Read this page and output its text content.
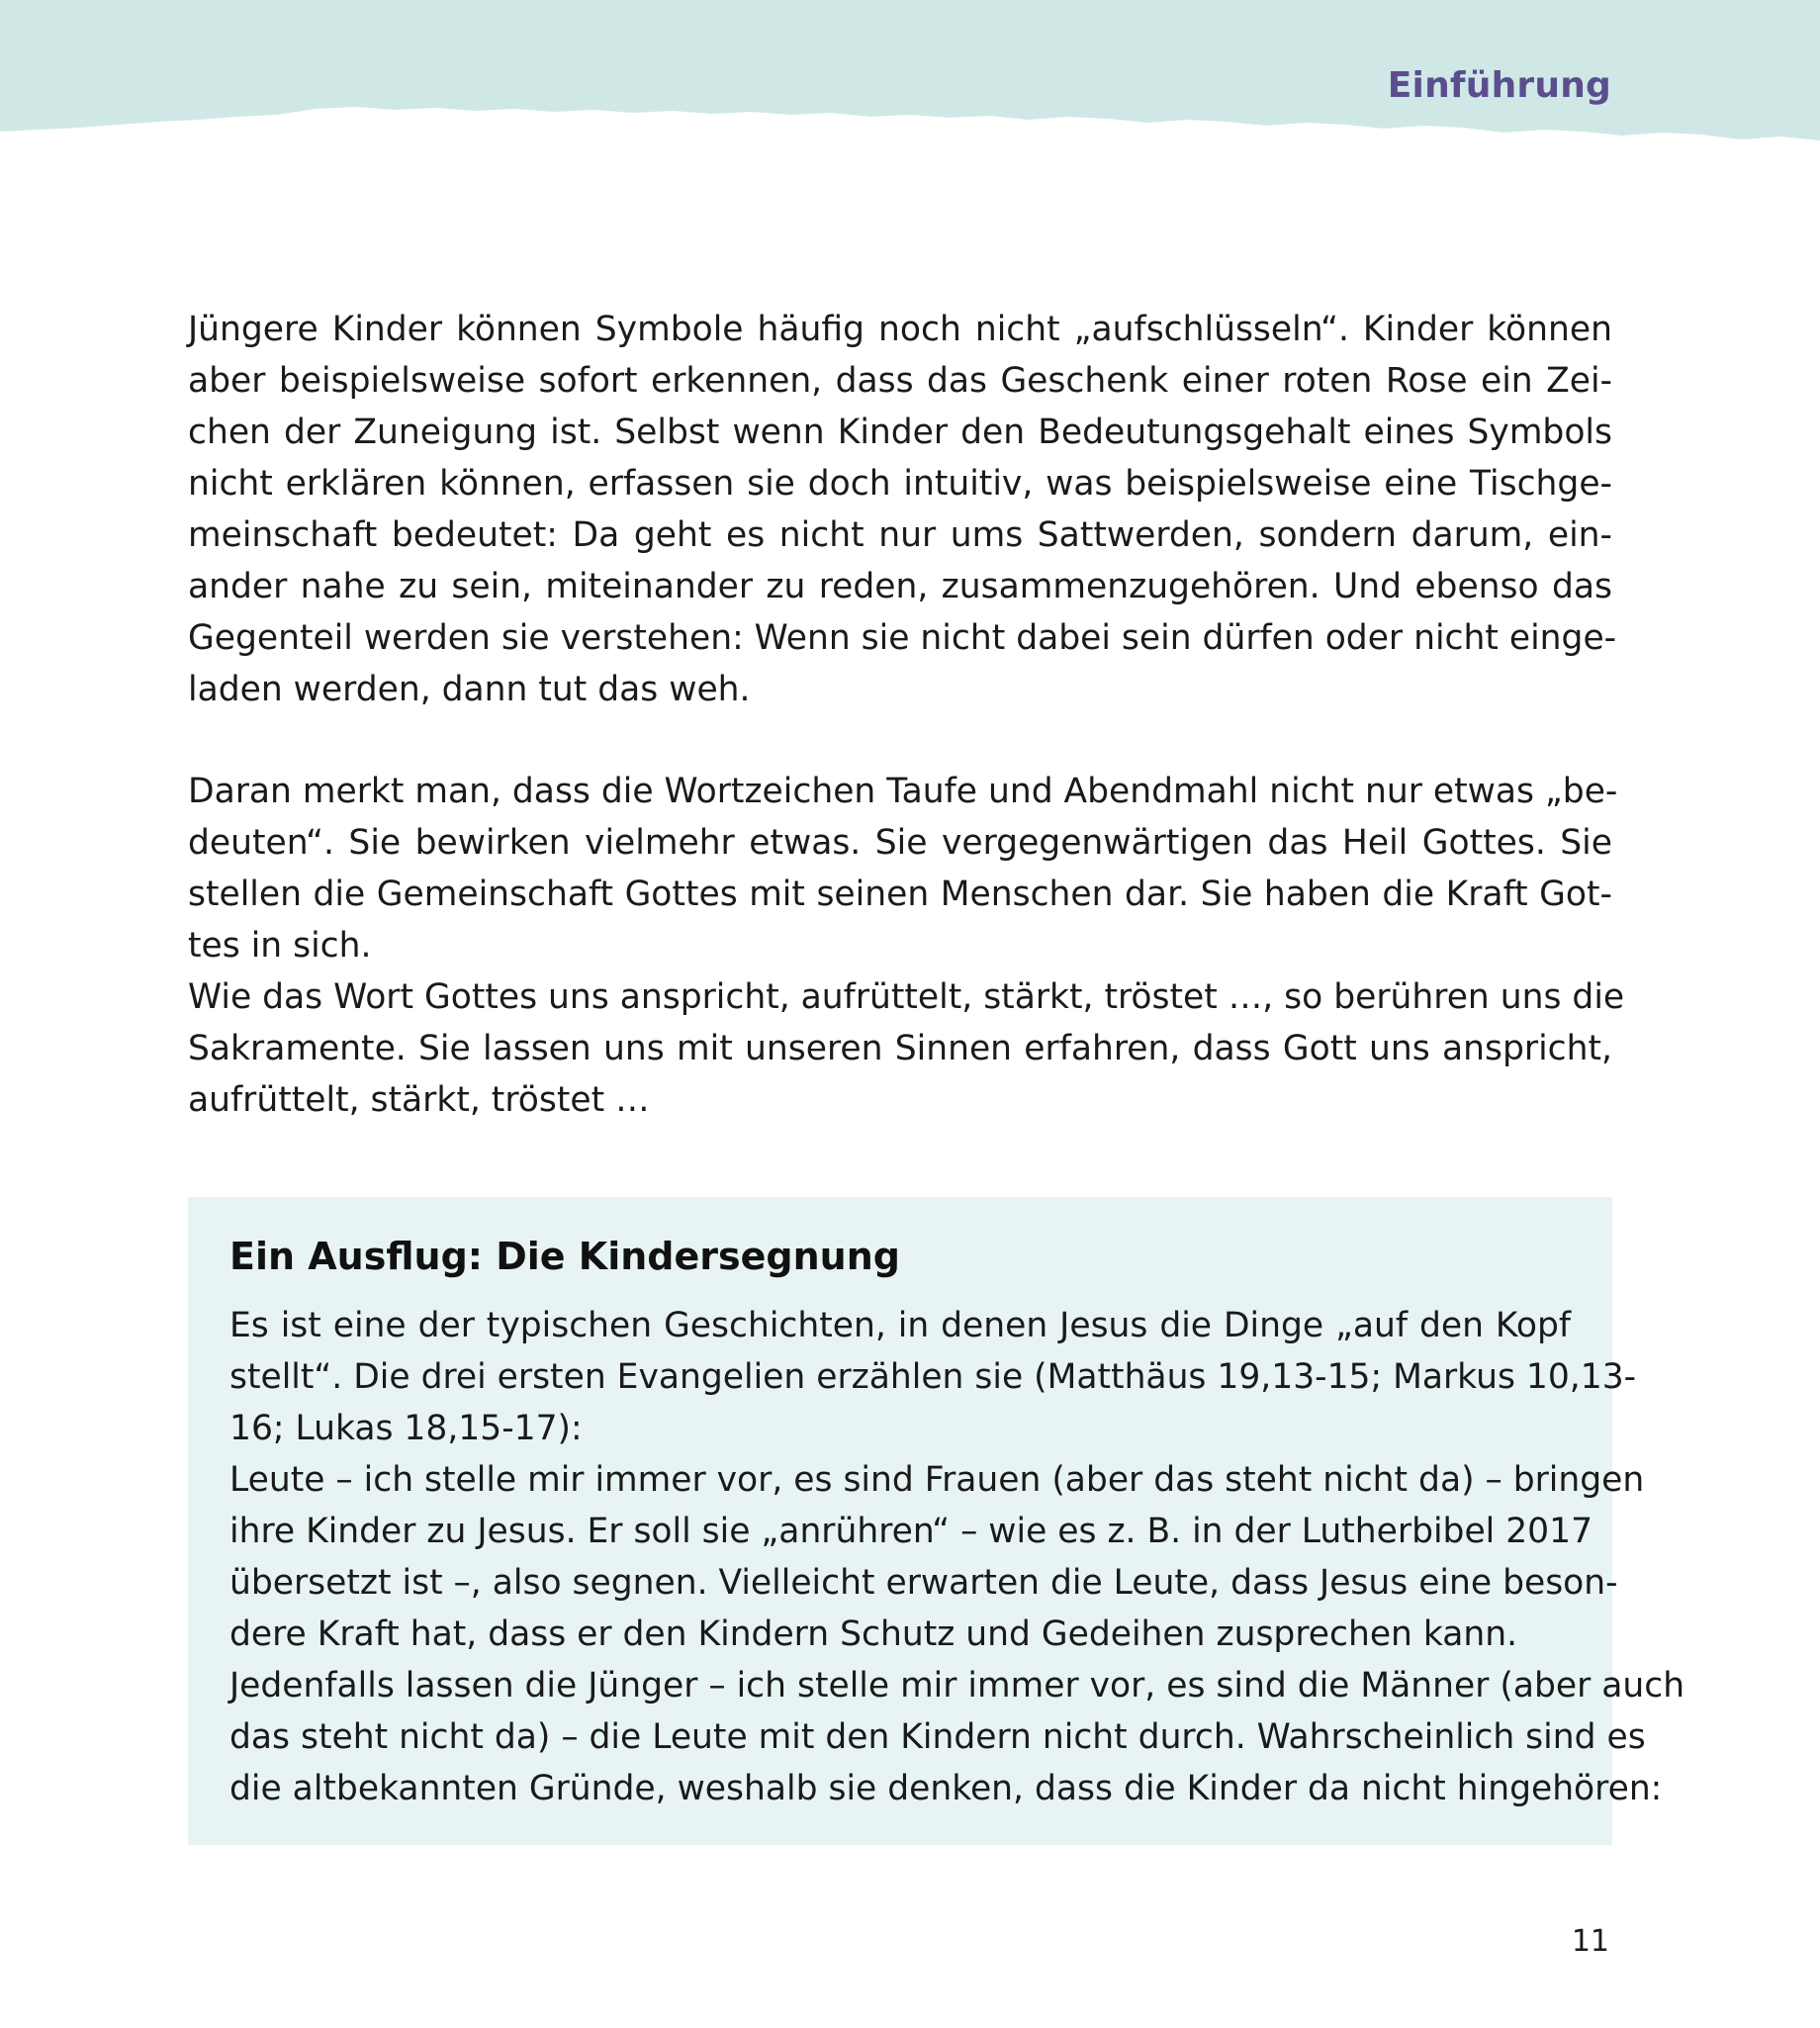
Einführung
Jüngere Kinder können Symbole häufig noch nicht „aufschlüsseln“. Kinder können
aber beispielsweise sofort erkennen, dass das Geschenk einer roten Rose ein Zei-
chen der Zuneigung ist. Selbst wenn Kinder den Bedeutungsgehalt eines Symbols
nicht erklären können, erfassen sie doch intuitiv, was beispielsweise eine Tischge-
meinschaft bedeutet: Da geht es nicht nur ums Sattwerden, sondern darum, ein-
ander nahe zu sein, miteinander zu reden, zusammenzugehören. Und ebenso das
Gegenteil werden sie verstehen: Wenn sie nicht dabei sein dürfen oder nicht einge-
laden werden, dann tut das weh.
Daran merkt man, dass die Wortzeichen Taufe und Abendmahl nicht nur etwas „be-
deuten“. Sie bewirken vielmehr etwas. Sie vergegenwärtigen das Heil Gottes. Sie
stellen die Gemeinschaft Gottes mit seinen Menschen dar. Sie haben die Kraft Got-
tes in sich.
Wie das Wort Gottes uns anspricht, aufrüttelt, stärkt, tröstet …, so berühren uns die
Sakramente. Sie lassen uns mit unseren Sinnen erfahren, dass Gott uns anspricht,
aufrüttelt, stärkt, tröstet …
Ein Ausflug: Die Kindersegnung
Es ist eine der typischen Geschichten, in denen Jesus die Dinge „auf den Kopf
stellt“. Die drei ersten Evangelien erzählen sie (Matthäus 19,13-15; Markus 10,13-
16; Lukas 18,15-17):
Leute – ich stelle mir immer vor, es sind Frauen (aber das steht nicht da) – bringen
ihre Kinder zu Jesus. Er soll sie „anrühren“ – wie es z. B. in der Lutherbibel 2017
übersetzt ist –, also segnen. Vielleicht erwarten die Leute, dass Jesus eine beson-
dere Kraft hat, dass er den Kindern Schutz und Gedeihen zusprechen kann.
Jedenfalls lassen die Jünger – ich stelle mir immer vor, es sind die Männer (aber auch
das steht nicht da) – die Leute mit den Kindern nicht durch. Wahrscheinlich sind es
die altbekannten Gründe, weshalb sie denken, dass die Kinder da nicht hingehören:

11
